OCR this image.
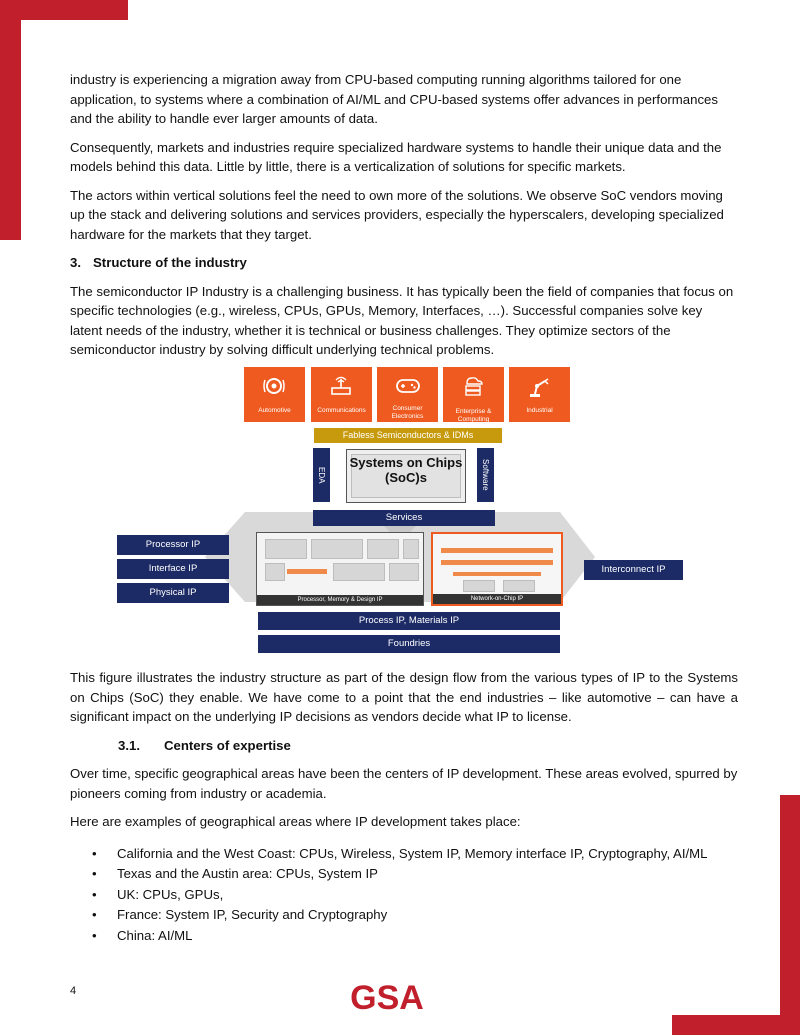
industry is experiencing a migration away from CPU-based computing running algorithms tailored for one application, to systems where a combination of AI/ML and CPU-based systems offer advances in performances and the ability to handle ever larger amounts of data.

Consequently, markets and industries require specialized hardware systems to handle their unique data and the models behind this data. Little by little, there is a verticalization of solutions for specific markets.

The actors within vertical solutions feel the need to own more of the solutions. We observe SoC vendors moving up the stack and delivering solutions and services providers, especially the hyperscalers, developing specialized hardware for the markets that they target.

3. Structure of the industry

The semiconductor IP Industry is a challenging business. It has typically been the field of companies that focus on specific technologies (e.g., wireless, CPUs, GPUs, Memory, Interfaces, …). Successful companies solve key latent needs of the industry, whether it is technical or business challenges. They optimize sectors of the semiconductor industry by solving difficult underlying technical problems.

Automotive	Communications	Consumer Electronics
Enterprise & Computing
Industrial
Fabless Semiconductors & IDMs
EDA
Systems on Chips
(SoC)s	Software
Services
Processor IP
Interface IP
Physical IP
Processor, Memory & Design IP	Network-on-Chip IP
Interconnect IP
Process IP, Materials IP
Foundries

This figure illustrates the industry structure as part of the design flow from the various types of IP to the Systems on Chips (SoC) they enable. We have come to a point that the end industries – like automotive – can have a significant impact on the underlying IP decisions as vendors decide what IP to license.

3.1. Centers of expertise

Over time, specific geographical areas have been the centers of IP development. These areas evolved, spurred by pioneers coming from industry or academia.

Here are examples of geographical areas where IP development takes place:

• California and the West Coast: CPUs, Wireless, System IP, Memory interface IP, Cryptography, AI/ML
• Texas and the Austin area: CPUs, System IP
• UK: CPUs, GPUs,
• France: System IP, Security and Cryptography
• China: AI/ML
4	GSA
